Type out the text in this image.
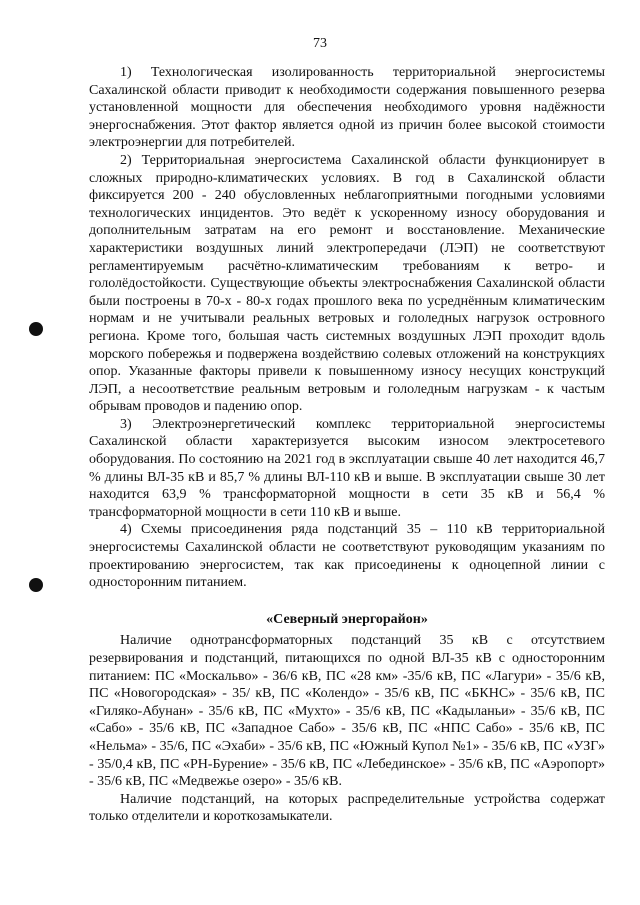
73

1) Технологическая изолированность территориальной энергосистемы Сахалинской области приводит к необходимости содержания повышенного резерва установленной мощности для обеспечения необходимого уровня надёжности энергоснабжения. Этот фактор является одной из причин более высокой стоимости электроэнергии для потребителей.

2) Территориальная энергосистема Сахалинской области функционирует в сложных природно-климатических условиях. В год в Сахалинской области фиксируется 200 - 240 обусловленных неблагоприятными погодными условиями технологических инцидентов. Это ведёт к ускоренному износу оборудования и дополнительным затратам на его ремонт и восстановление. Механические характеристики воздушных линий электропередачи (ЛЭП) не соответствуют регламентируемым расчётно-климатическим требованиям к ветро- и гололёдостойкости. Существующие объекты электроснабжения Сахалинской области были построены в 70-х - 80-х годах прошлого века по усреднённым климатическим нормам и не учитывали реальных ветровых и гололедных нагрузок островного региона. Кроме того, большая часть системных воздушных ЛЭП проходит вдоль морского побережья и подвержена воздействию солевых отложений на конструкциях опор. Указанные факторы привели к повышенному износу несущих конструкций ЛЭП, а несоответствие реальным ветровым и гололедным нагрузкам - к частым обрывам проводов и падению опор.

3) Электроэнергетический комплекс территориальной энергосистемы Сахалинской области характеризуется высоким износом электросетевого оборудования. По состоянию на 2021 год в эксплуатации свыше 40 лет находится 46,7 % длины ВЛ-35 кВ и 85,7 % длины ВЛ-110 кВ и выше. В эксплуатации свыше 30 лет находится 63,9 % трансформаторной мощности в сети 35 кВ и 56,4 % трансформаторной мощности в сети 110 кВ и выше.

4) Схемы присоединения ряда подстанций 35 – 110 кВ территориальной энергосистемы Сахалинской области не соответствуют руководящим указаниям по проектированию энергосистем, так как присоединены к одноцепной линии с односторонним питанием.

«Северный энергорайон»

Наличие однотрансформаторных подстанций 35 кВ с отсутствием резервирования и подстанций, питающихся по одной ВЛ-35 кВ с односторонним питанием: ПС «Москальво» - 36/6 кВ, ПС «28 км» -35/6 кВ, ПС «Лагури» - 35/6 кВ, ПС «Новогородская» - 35/ кВ, ПС «Колендо» - 35/6 кВ, ПС «БКНС» - 35/6 кВ, ПС «Гиляко-Абунан» - 35/6 кВ, ПС «Мухто» - 35/6 кВ, ПС «Кадыланьи» - 35/6 кВ, ПС «Сабо» - 35/6 кВ, ПС «Западное Сабо» - 35/6 кВ, ПС «НПС Сабо» - 35/6 кВ, ПС «Нельма» - 35/6, ПС «Эхаби» - 35/6 кВ, ПС «Южный Купол №1» - 35/6 кВ, ПС «УЗГ» - 35/0,4 кВ, ПС «РН-Бурение» - 35/6 кВ, ПС «Лебединское» - 35/6 кВ, ПС «Аэропорт» - 35/6 кВ, ПС «Медвежье озеро» - 35/6 кВ.

Наличие подстанций, на которых распределительные устройства содержат только отделители и короткозамыкатели.
